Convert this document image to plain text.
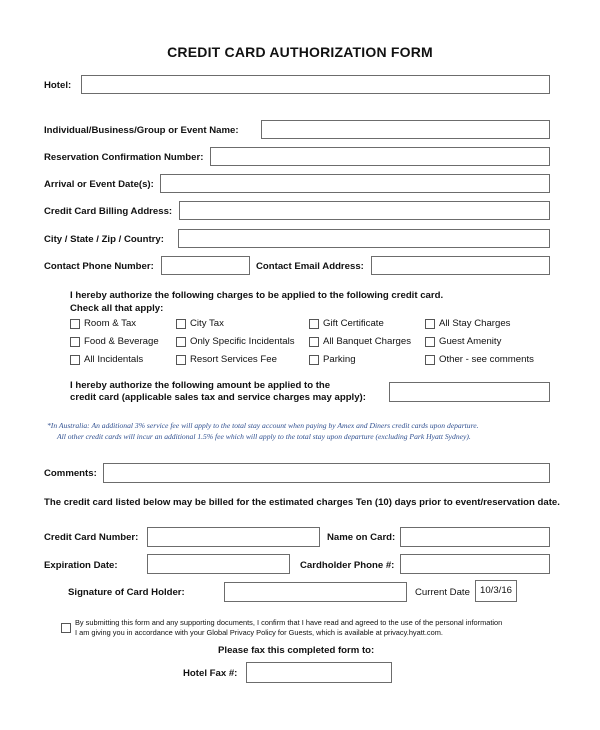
CREDIT CARD AUTHORIZATION FORM
Hotel:
Individual/Business/Group or Event Name:
Reservation Confirmation Number:
Arrival or Event Date(s):
Credit Card Billing Address:
City / State / Zip / Country:
Contact Phone Number:	Contact Email Address:
I hereby authorize the following charges to be applied to the following credit card.
Check all that apply:
Room & Tax	City Tax	Gift Certificate	All Stay Charges
Food & Beverage	Only Specific Incidentals	All Banquet Charges	Guest Amenity
All Incidentals	Resort Services Fee	Parking	Other - see comments
I hereby authorize the following amount be applied to the
credit card (applicable sales tax and service charges may apply):
*In Australia: An additional 3% service fee will apply to the total stay account when paying by Amex and Diners credit cards upon departure.
All other credit cards will incur an additional 1.5% fee which will apply to the total stay upon departure (excluding Park Hyatt Sydney).
Comments:
The credit card listed below may be billed for the estimated charges Ten (10) days prior to event/reservation date.
Credit Card Number:	Name on Card:
Expiration Date:	Cardholder Phone #:
Signature of Card Holder:	Current Date	10/3/16
By submitting this form and any supporting documents, I confirm that I have read and agreed to the use of the personal information
I am giving you in accordance with your Global Privacy Policy for Guests, which is available at privacy.hyatt.com.
Please fax this completed form to:
Hotel Fax #:
